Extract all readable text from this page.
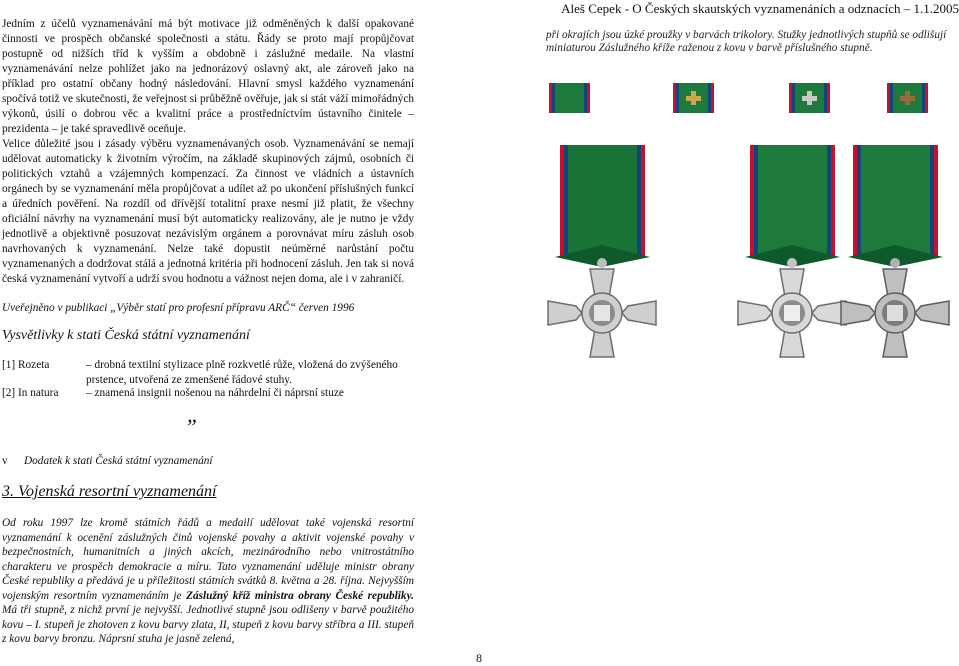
Aleš Cepek - O Českých skautských vyznamenáních a odznacích – 1.1.2005
Jedním z účelů vyznamenávání má být motivace již odměněných k další opakované činnosti ve prospěch občanské společnosti a státu. Řády se proto mají propůjčovat postupně od nižších tříd k vyšším a obdobně i záslužné medaile. Na vlastní vyznamenávání nelze pohlížet jako na jednorázový oslavný akt, ale zároveň jako na příklad pro ostatní občany hodný následování. Hlavní smysl každého vyznamenání spočívá totiž ve skutečnosti, že veřejnost si průběžně ověřuje, jak si stát váží mimořádných výkonů, úsilí o dobrou věc a kvalitní práce a prostředníctvím ústavního činitele – prezidenta – je také spravedlivě oceňuje.
Velice důležité jsou i zásady výběru vyznamenávaných osob. Vyznamenávání se nemají udělovat automaticky k životním výročím, na základě skupinových zájmů, osobních či politických vztahů a vzájemných kompenzací. Za činnost ve vládních a ústavních orgánech by se vyznamenání měla propůjčovat a udílet až po ukončení příslušných funkcí a úředních pověření. Na rozdíl od dřívější totalitní praxe nesmí již platit, že všechny oficiální návrhy na vyznamenání musí být automaticky realizovány, ale je nutno je vždy jednotlivě a objektivně posuzovat nezávislým orgánem a porovnávat míru zásluh osob navrhovaných k vyznamenání. Nelze také dopustit neúměrné narůstání počtu vyznamenaných a dodržovat stálá a jednotná kritéria při hodnocení zásluh. Jen tak si nová česká vyznamenání vytvoří a udrží svou hodnotu a vážnost nejen doma, ale i v zahraničí.
Uveřejněno v publikaci „Výběr statí pro profesní přípravu ARČ“ červen 1996
Vysvětlivky k stati Česká státní vyznamenání
[1] Rozeta	– drobná textilní stylizace plně rozkvetlé růže, vložená do zvýšeného prstence, utvořená ze zmenšené řádové stuhy.
[2] In natura – znamená insignii nošenou na náhrdelní či náprsní stuze
„
v Dodatek k stati Česká státní vyznamenání
3. Vojenská resortní vyznamenání
Od roku 1997 lze kromě státních řádů a medailí udělovat také vojenská resortní vyznamenání k ocenění záslužných činů vojenské povahy a aktivit vojenské povahy v bezpečnostních, humanitních a jiných akcích, mezinárodního nebo vnitrostátního charakteru ve prospěch demokracie a míru. Tato vyznamenání uděluje ministr obrany České republiky a předává je u příležitosti státních svátků 8. května a 28. října. Nejvyšším vojenským resortním vyznamenáním je Záslužný kříž ministra obrany České republiky. Má tři stupně, z nichž první je nejvyšší. Jednotlivé stupně jsou odlišeny v barvě použitého kovu – I. stupeň je zhotoven z kovu barvy zlata, II, stupeň z kovu barvy stříbra a III. stupeň z kovu barvy bronzu. Náprsní stuha je jasně zelená,
při okrajích jsou úzké proužky v barvách trikolory. Stužky jednotlivých stupňů se odlišují miniaturou Záslužného kříže raženou z kovu v barvě příslušného stupně.
8
